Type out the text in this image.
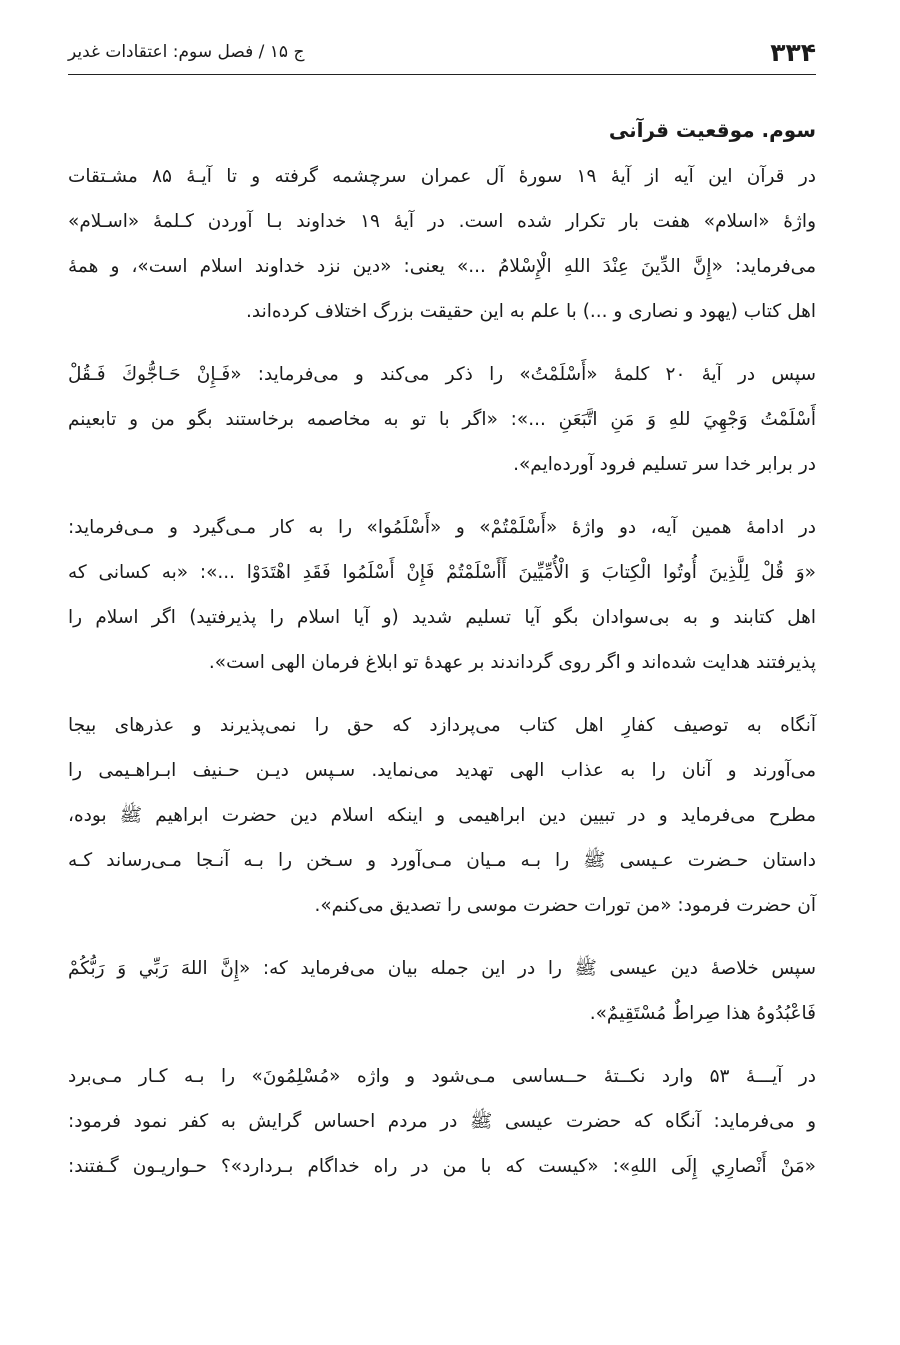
۳۳۴
ج ۱۵ / فصل سوم: اعتقادات غدیر
سوم. موقعیت قرآنی

در قرآن این آیه از آیهٔ ۱۹ سورهٔ آل عمران سرچشمه گرفته و تا آیـهٔ ۸۵ مشـتقات
واژهٔ «اسلام» هفت بار تکرار شده است. در آیهٔ ۱۹ خداوند بـا آوردن کـلمهٔ «اسـلام»
می‌فرماید: «إِنَّ الدِّينَ عِنْدَ اللهِ الْإِسْلامُ ...» یعنی: «دین نزد خداوند اسلام است»، و همهٔ
اهل کتاب (یهود و نصاری و ...) با علم به این حقیقت بزرگ اختلاف کرده‌اند.

سپس در آیهٔ ۲۰ کلمهٔ «أَسْلَمْتُ» را ذکر می‌کند و می‌فرماید: «فَـإِنْ حَـاجُّوكَ فَـقُلْ
أَسْلَمْتُ وَجْهِيَ للهِ وَ مَنِ اتَّبَعَنِ ...»: «اگر با تو به مخاصمه برخاستند بگو من و تابعینم
در برابر خدا سر تسلیم فرود آورده‌ایم».

در ادامهٔ همین آیه، دو واژهٔ «أَسْلَمْتُمْ» و «أَسْلَمُوا» را به کار مـی‌گیرد و مـی‌فرماید:
«وَ قُلْ لِلَّذِينَ أُوتُوا الْكِتابَ وَ الْأُمِّيِّينَ أَأَسْلَمْتُمْ فَإِنْ أَسْلَمُوا فَقَدِ اهْتَدَوْا ...»: «به کسانی که
اهل کتابند و به بی‌سوادان بگو آیا تسلیم شدید (و آیا اسلام را پذیرفتید) اگر اسلام را
پذیرفتند هدایت شده‌اند و اگر روی گرداندند بر عهدهٔ تو ابلاغ فرمان الهی است».

آنگاه به توصیف کفارِ اهل کتاب می‌پردازد که حق را نمی‌پذیرند و عذرهای بیجا
می‌آورند و آنان را به عذاب الهی تهدید می‌نماید. سـپس دیـن حـنیف ابـراهـیمی را
مطرح می‌فرماید و در تبیین دین ابراهیمی و اینکه اسلام دین حضرت ابراهیم ﷺ بوده،
داستان حـضرت عـیسی ﷺ را بـه مـیان مـی‌آورد و سـخن را بـه آنـجا مـی‌رساند کـه
آن حضرت فرمود: «من تورات حضرت موسی را تصدیق می‌کنم».

سپس خلاصهٔ دین عیسی ﷺ را در این جمله بیان می‌فرماید که: «إِنَّ اللهَ رَبِّي وَ رَبُّكُمْ
فَاعْبُدُوهُ هذا صِراطٌ مُسْتَقِيمٌ».

در آیـــهٔ ۵۳ وارد نکــتهٔ حــساسی مـی‌شود و واژه «مُسْلِمُونَ» را بـه کـار مـی‌برد
و می‌فرماید: آنگاه که حضرت عیسی ﷺ در مردم احساس گرایش به کفر نمود فرمود:
«مَنْ أَنْصارِي إِلَى اللهِ»: «کیست که با من در راه خداگام بـردارد»؟ حـواریـون گـفتند:
